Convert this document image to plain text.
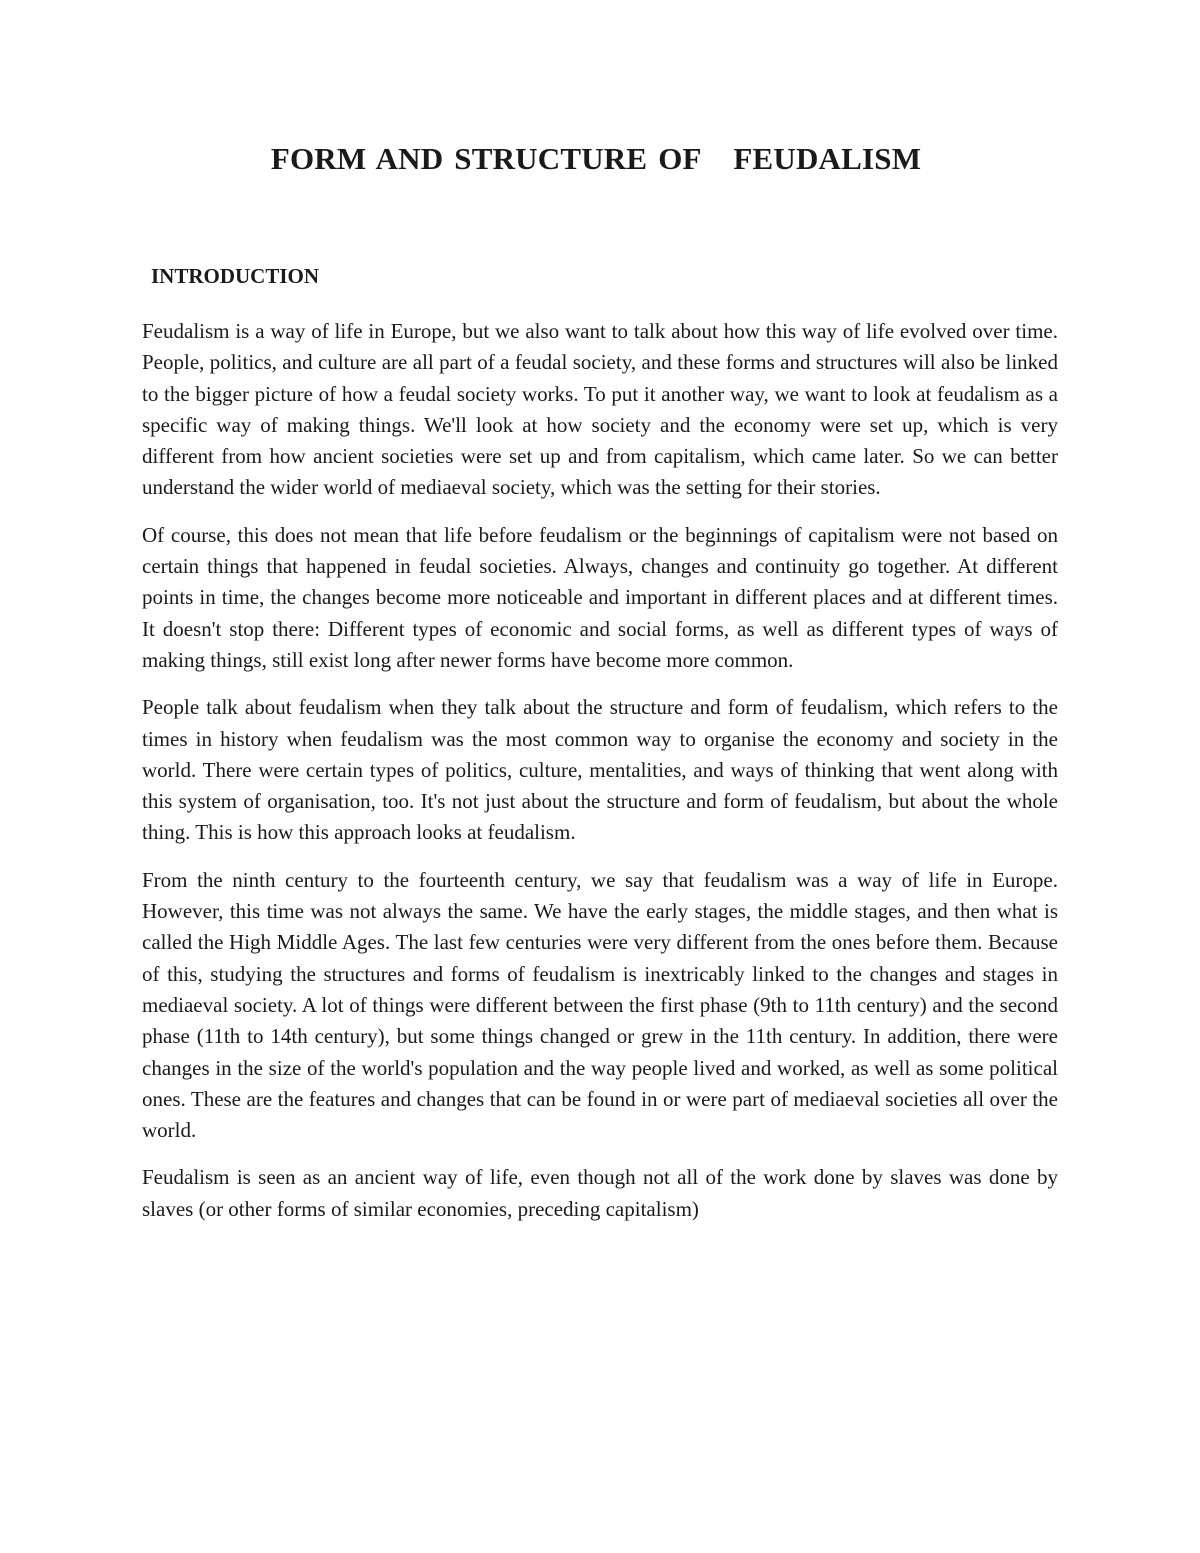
FORM AND STRUCTURE OF   FEUDALISM
INTRODUCTION

Feudalism is a way of life in Europe, but we also want to talk about how this way of life evolved over time. People, politics, and culture are all part of a feudal society, and these forms and structures will also be linked to the bigger picture of how a feudal society works. To put it another way, we want to look at feudalism as a specific way of making things. We'll look at how society and the economy were set up, which is very different from how ancient societies were set up and from capitalism, which came later. So we can better understand the wider world of mediaeval society, which was the setting for their stories.

Of course, this does not mean that life before feudalism or the beginnings of capitalism were not based on certain things that happened in feudal societies. Always, changes and continuity go together. At different points in time, the changes become more noticeable and important in different places and at different times. It doesn't stop there: Different types of economic and social forms, as well as different types of ways of making things, still exist long after newer forms have become more common.

People talk about feudalism when they talk about the structure and form of feudalism, which refers to the times in history when feudalism was the most common way to organise the economy and society in the world. There were certain types of politics, culture, mentalities, and ways of thinking that went along with this system of organisation, too. It's not just about the structure and form of feudalism, but about the whole thing. This is how this approach looks at feudalism.

From the ninth century to the fourteenth century, we say that feudalism was a way of life in Europe. However, this time was not always the same. We have the early stages, the middle stages, and then what is called the High Middle Ages. The last few centuries were very different from the ones before them. Because of this, studying the structures and forms of feudalism is inextricably linked to the changes and stages in mediaeval society. A lot of things were different between the first phase (9th to 11th century) and the second phase (11th to 14th century), but some things changed or grew in the 11th century. In addition, there were changes in the size of the world's population and the way people lived and worked, as well as some political ones. These are the features and changes that can be found in or were part of mediaeval societies all over the world.

Feudalism is seen as an ancient way of life, even though not all of the work done by slaves was done by slaves (or other forms of similar economies, preceding capitalism)
